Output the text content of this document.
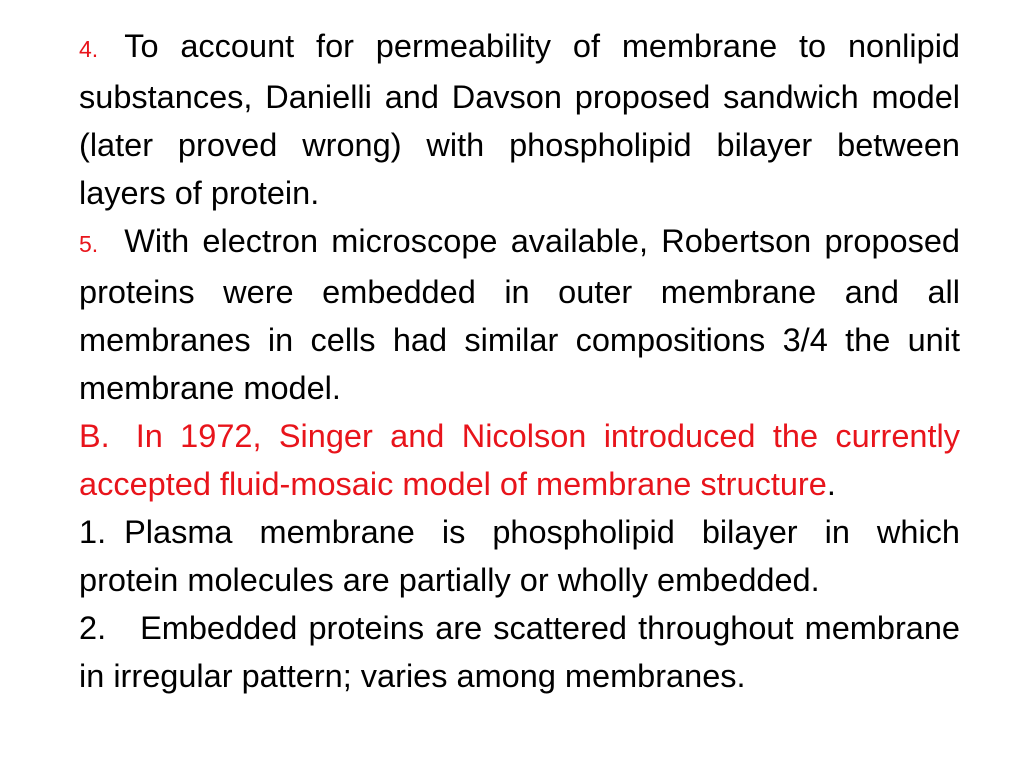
4. To account for permeability of membrane to nonlipid substances, Danielli and Davson proposed sandwich model (later proved wrong) with phospholipid bilayer between layers of protein.

5. With electron microscope available, Robertson proposed proteins were embedded in outer membrane and all membranes in cells had similar compositions 3/4 the unit membrane model.

B. In 1972, Singer and Nicolson introduced the currently accepted fluid-mosaic model of membrane structure.

1. Plasma membrane is phospholipid bilayer in which protein molecules are partially or wholly embedded.

2. Embedded proteins are scattered throughout membrane in irregular pattern; varies among membranes.
